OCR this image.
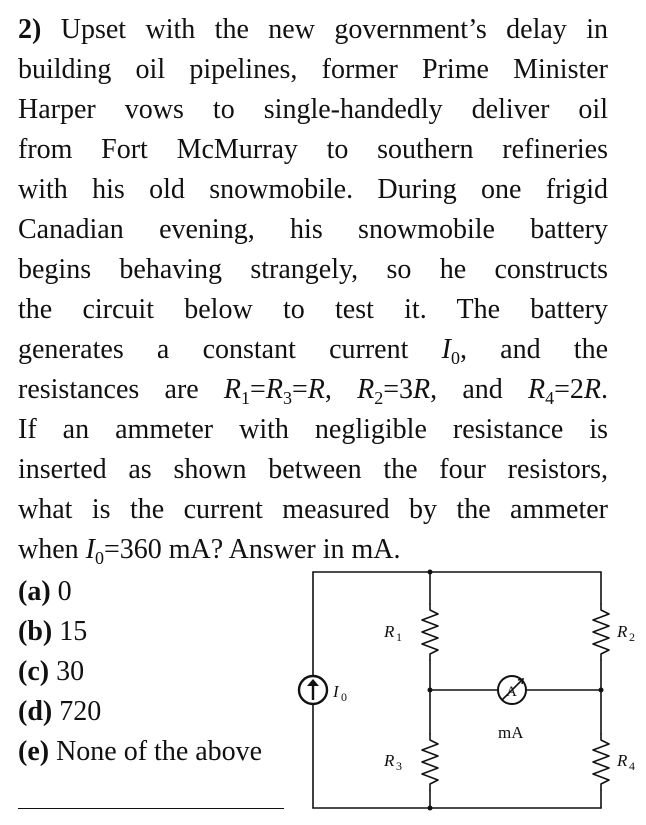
2) Upset with the new government’s delay in
building oil pipelines, former Prime Minister
Harper vows to single-handedly deliver oil
from Fort McMurray to southern refineries
with his old snowmobile. During one frigid
Canadian evening, his snowmobile battery
begins behaving strangely, so he constructs
the circuit below to test it. The battery
generates a constant current $I_0$, and the
resistances are $R_1=R_3=R$, $R_2=3R$, and $R_4=2R$.
If an ammeter with negligible resistance is
inserted as shown between the four resistors,
what is the current measured by the ammeter
when $I_0=360$ mA? Answer in mA.
(a) 0
(b) 15
(c) 30
(d) 720
(e) None of the above
I 0	A
mA
R 1	R 2
R 3	R 4
